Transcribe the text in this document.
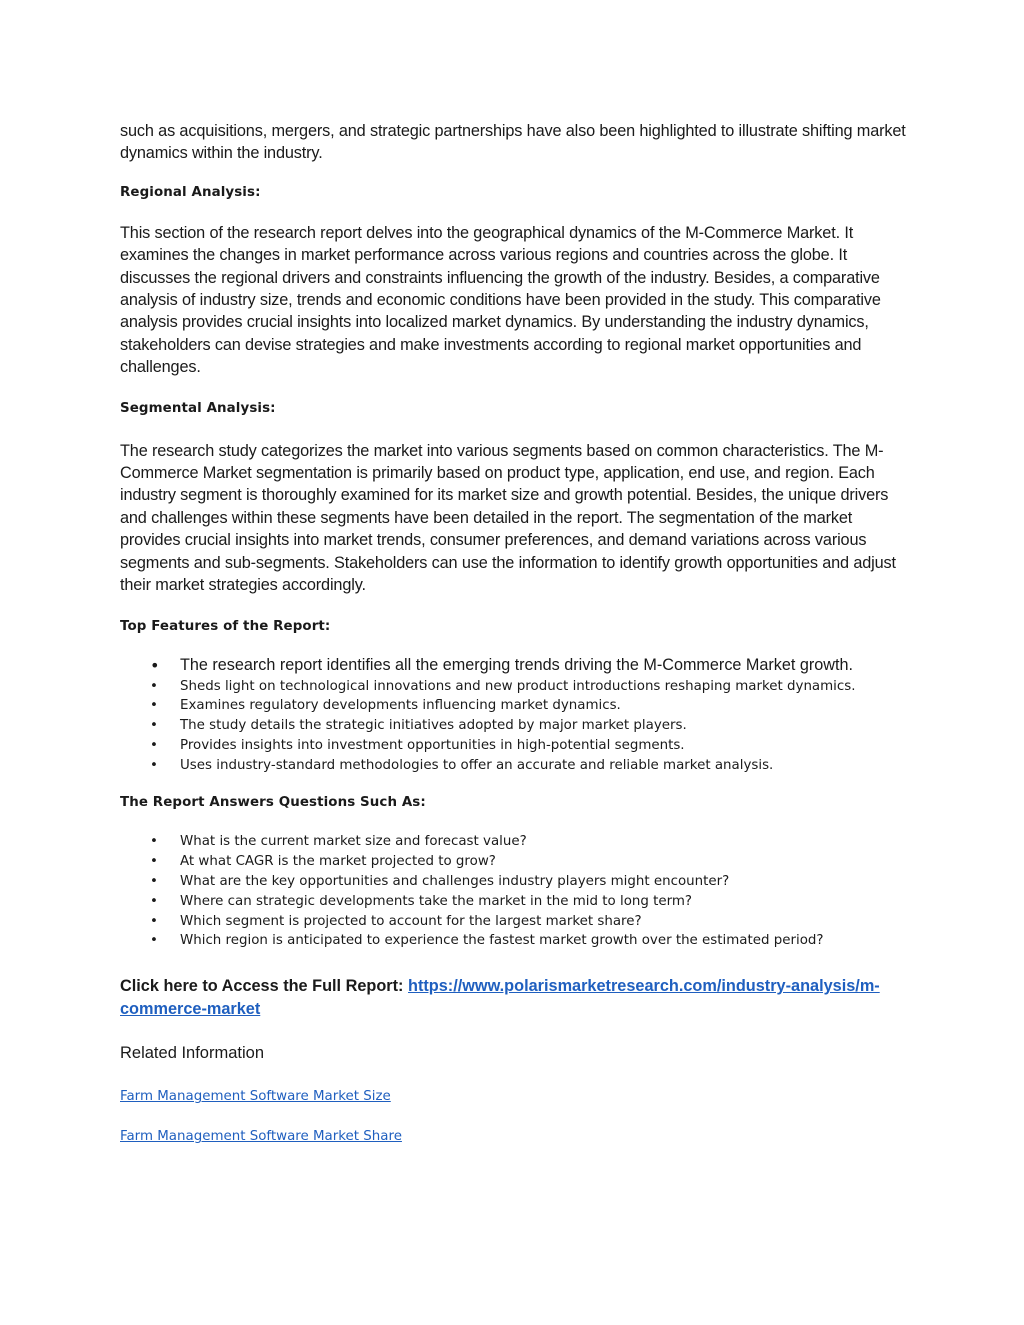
such as acquisitions, mergers, and strategic partnerships have also been highlighted to illustrate shifting market dynamics within the industry.

Regional Analysis:

This section of the research report delves into the geographical dynamics of the M-Commerce Market. It examines the changes in market performance across various regions and countries across the globe. It discusses the regional drivers and constraints influencing the growth of the industry. Besides, a comparative analysis of industry size, trends and economic conditions have been provided in the study. This comparative analysis provides crucial insights into localized market dynamics. By understanding the industry dynamics, stakeholders can devise strategies and make investments according to regional market opportunities and challenges.

Segmental Analysis:

The research study categorizes the market into various segments based on common characteristics. The M-Commerce Market segmentation is primarily based on product type, application, end use, and region. Each industry segment is thoroughly examined for its market size and growth potential. Besides, the unique drivers and challenges within these segments have been detailed in the report. The segmentation of the market provides crucial insights into market trends, consumer preferences, and demand variations across various segments and sub-segments. Stakeholders can use the information to identify growth opportunities and adjust their market strategies accordingly.

Top Features of the Report:

• The research report identifies all the emerging trends driving the M-Commerce Market growth.
• Sheds light on technological innovations and new product introductions reshaping market dynamics.
• Examines regulatory developments influencing market dynamics.
• The study details the strategic initiatives adopted by major market players.
• Provides insights into investment opportunities in high-potential segments.
• Uses industry-standard methodologies to offer an accurate and reliable market analysis.

The Report Answers Questions Such As:

• What is the current market size and forecast value?
• At what CAGR is the market projected to grow?
• What are the key opportunities and challenges industry players might encounter?
• Where can strategic developments take the market in the mid to long term?
• Which segment is projected to account for the largest market share?
• Which region is anticipated to experience the fastest market growth over the estimated period?

Click here to Access the Full Report: https://www.polarismarketresearch.com/industry-analysis/m-
commerce-market

Related Information

Farm Management Software Market Size
Farm Management Software Market Share
